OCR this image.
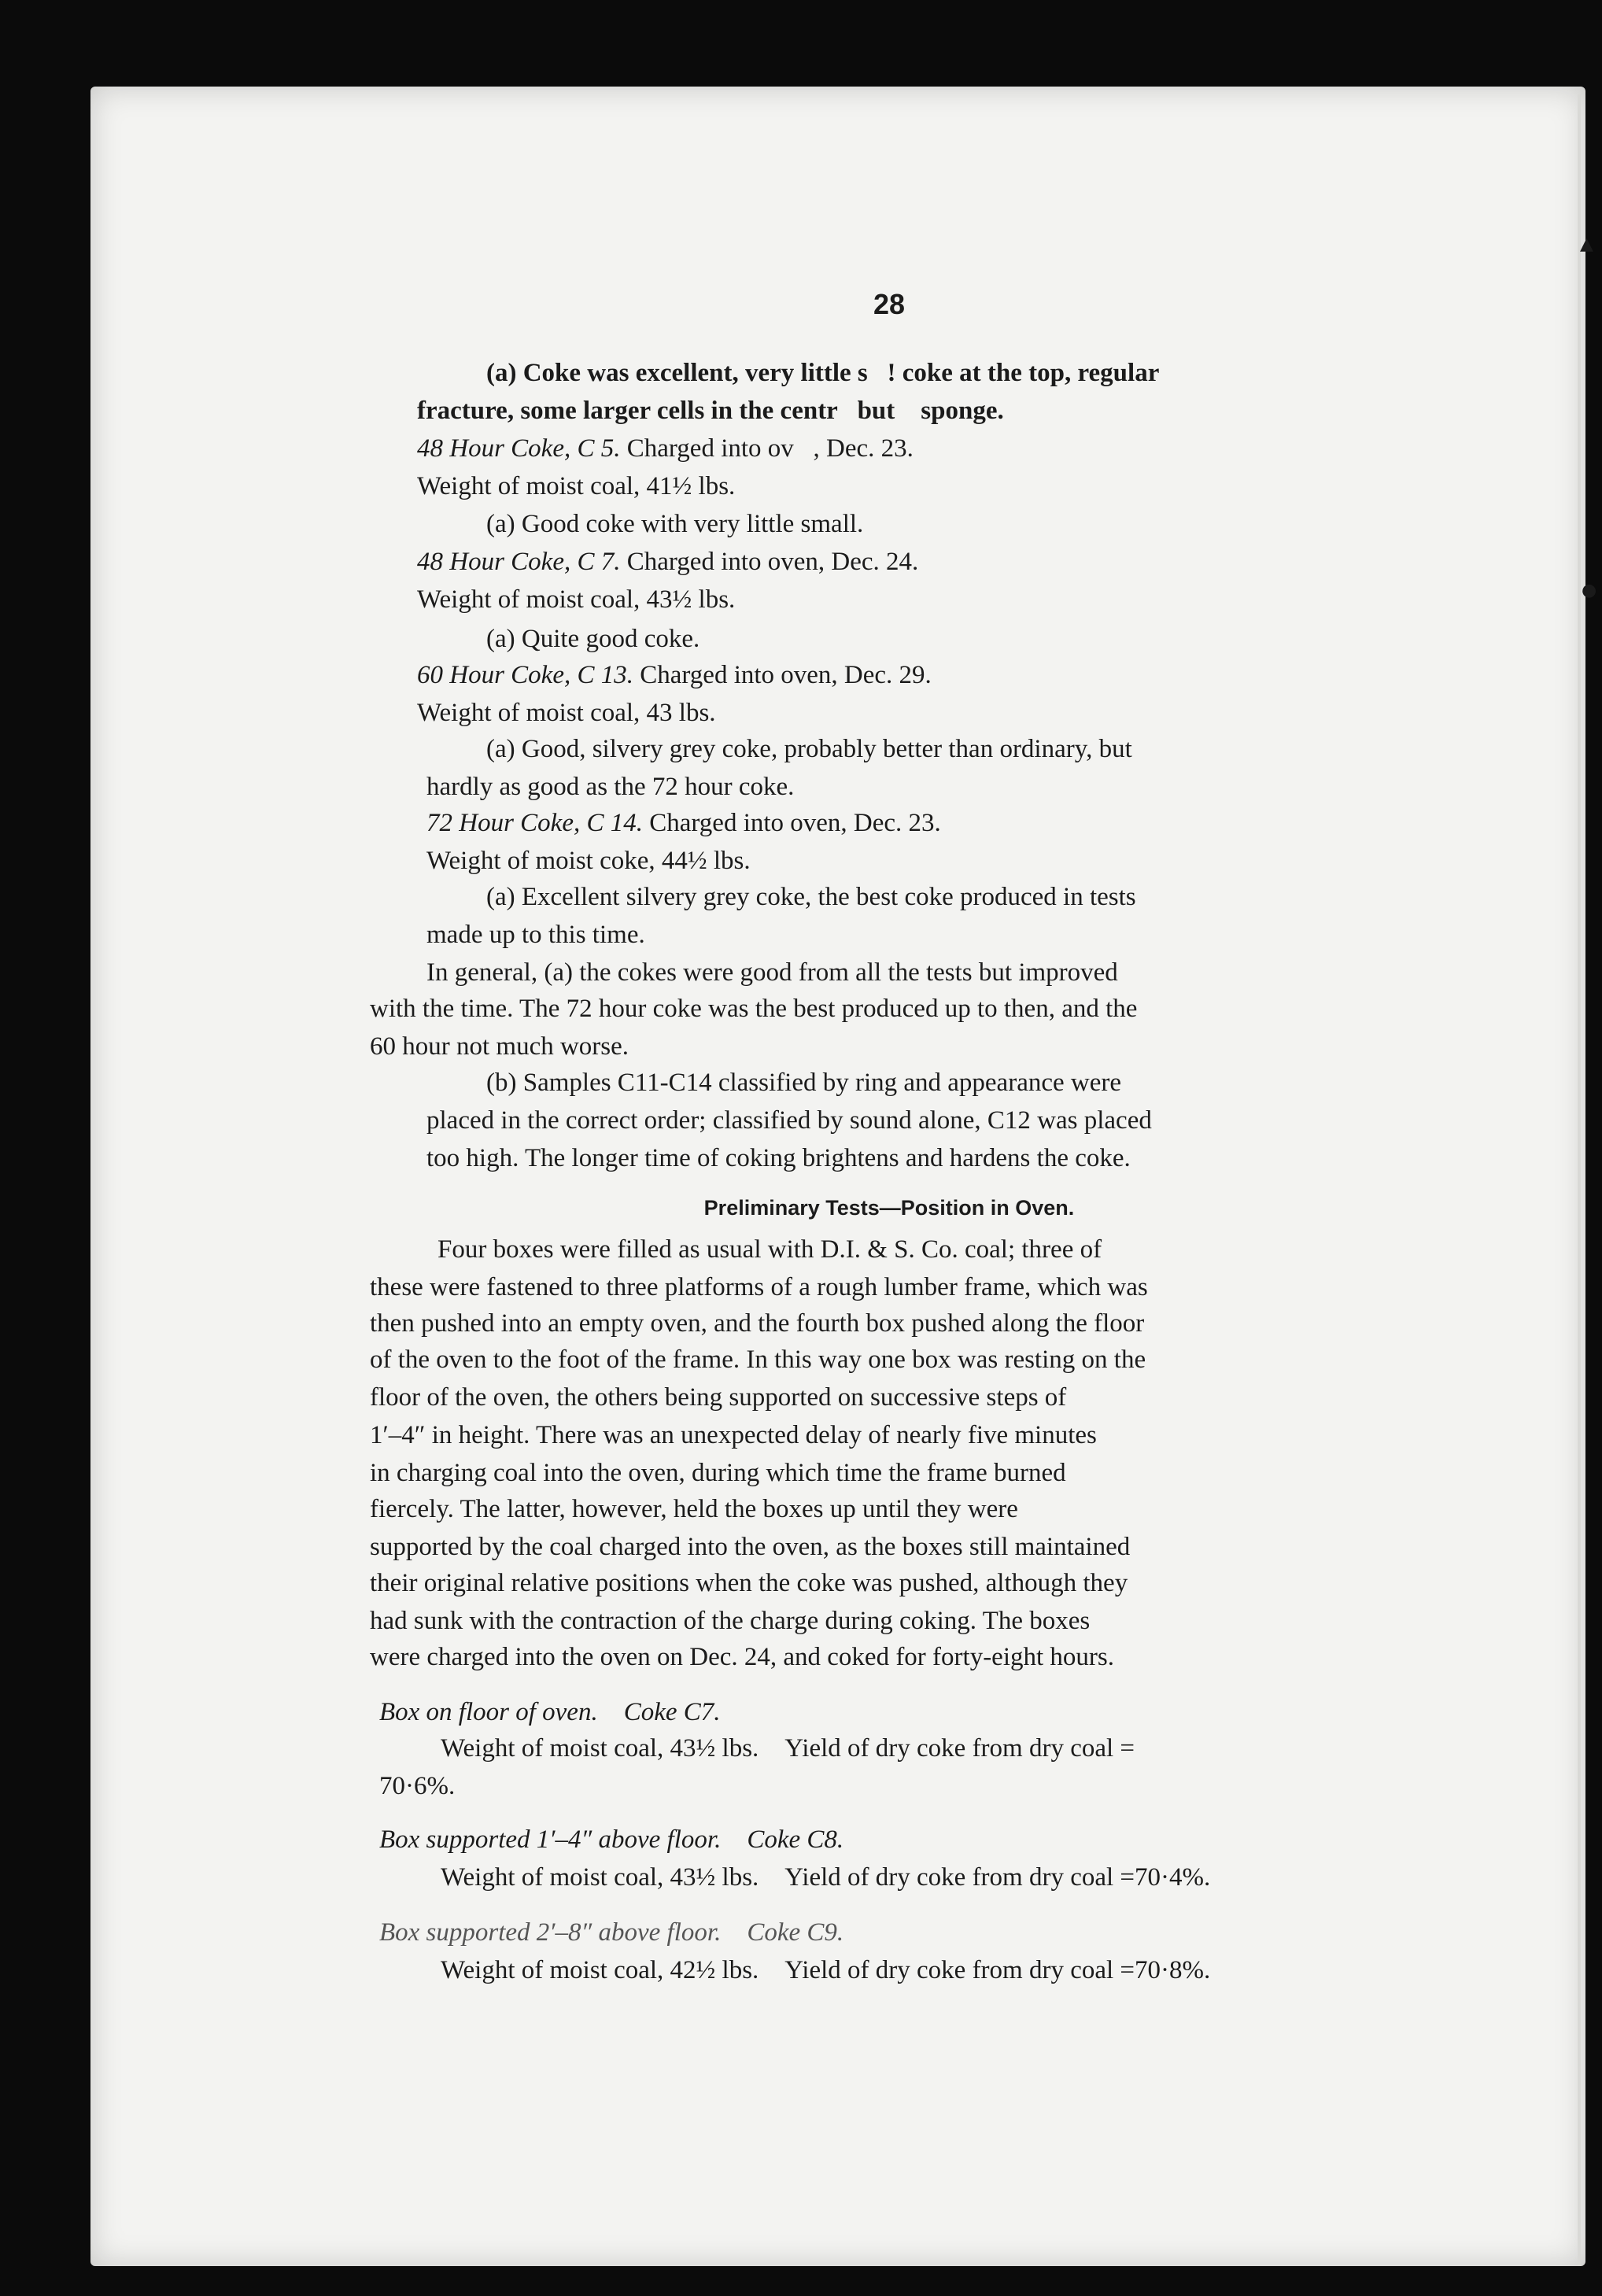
▲
●
28
(a) Coke was excellent, very little s  ! coke at the top, regular
fracture, some larger cells in the centr  but   sponge.
48 Hour Coke, C 5. Charged into ov  , Dec. 23.
Weight of moist coal, 41½ lbs.
(a) Good coke with very little small.
48 Hour Coke, C 7. Charged into oven, Dec. 24.
Weight of moist coal, 43½ lbs.
(a) Quite good coke.
60 Hour Coke, C 13. Charged into oven, Dec. 29.
Weight of moist coal, 43 lbs.
(a) Good, silvery grey coke, probably better than ordinary, but
hardly as good as the 72 hour coke.
72 Hour Coke, C 14. Charged into oven, Dec. 23.
Weight of moist coke, 44½ lbs.
(a) Excellent silvery grey coke, the best coke produced in tests
made up to this time.
In general, (a) the cokes were good from all the tests but improved
with the time. The 72 hour coke was the best produced up to then, and the
60 hour not much worse.
(b) Samples C11-C14 classified by ring and appearance were
placed in the correct order; classified by sound alone, C12 was placed
too high. The longer time of coking brightens and hardens the coke.
Preliminary Tests—Position in Oven.
Four boxes were filled as usual with D.I. & S. Co. coal; three of
these were fastened to three platforms of a rough lumber frame, which was
then pushed into an empty oven, and the fourth box pushed along the floor
of the oven to the foot of the frame. In this way one box was resting on the
floor of the oven, the others being supported on successive steps of
1′–4″ in height. There was an unexpected delay of nearly five minutes
in charging coal into the oven, during which time the frame burned
fiercely. The latter, however, held the boxes up until they were
supported by the coal charged into the oven, as the boxes still maintained
their original relative positions when the coke was pushed, although they
had sunk with the contraction of the charge during coking. The boxes
were charged into the oven on Dec. 24, and coked for forty-eight hours.
Box on floor of oven. Coke C7.
Weight of moist coal, 43½ lbs. Yield of dry coke from dry coal =
70·6%.
Box supported 1′–4″ above floor. Coke C8.
Weight of moist coal, 43½ lbs. Yield of dry coke from dry coal =70·4%.
Box supported 2′–8″ above floor. Coke C9.
Weight of moist coal, 42½ lbs. Yield of dry coke from dry coal =70·8%.
